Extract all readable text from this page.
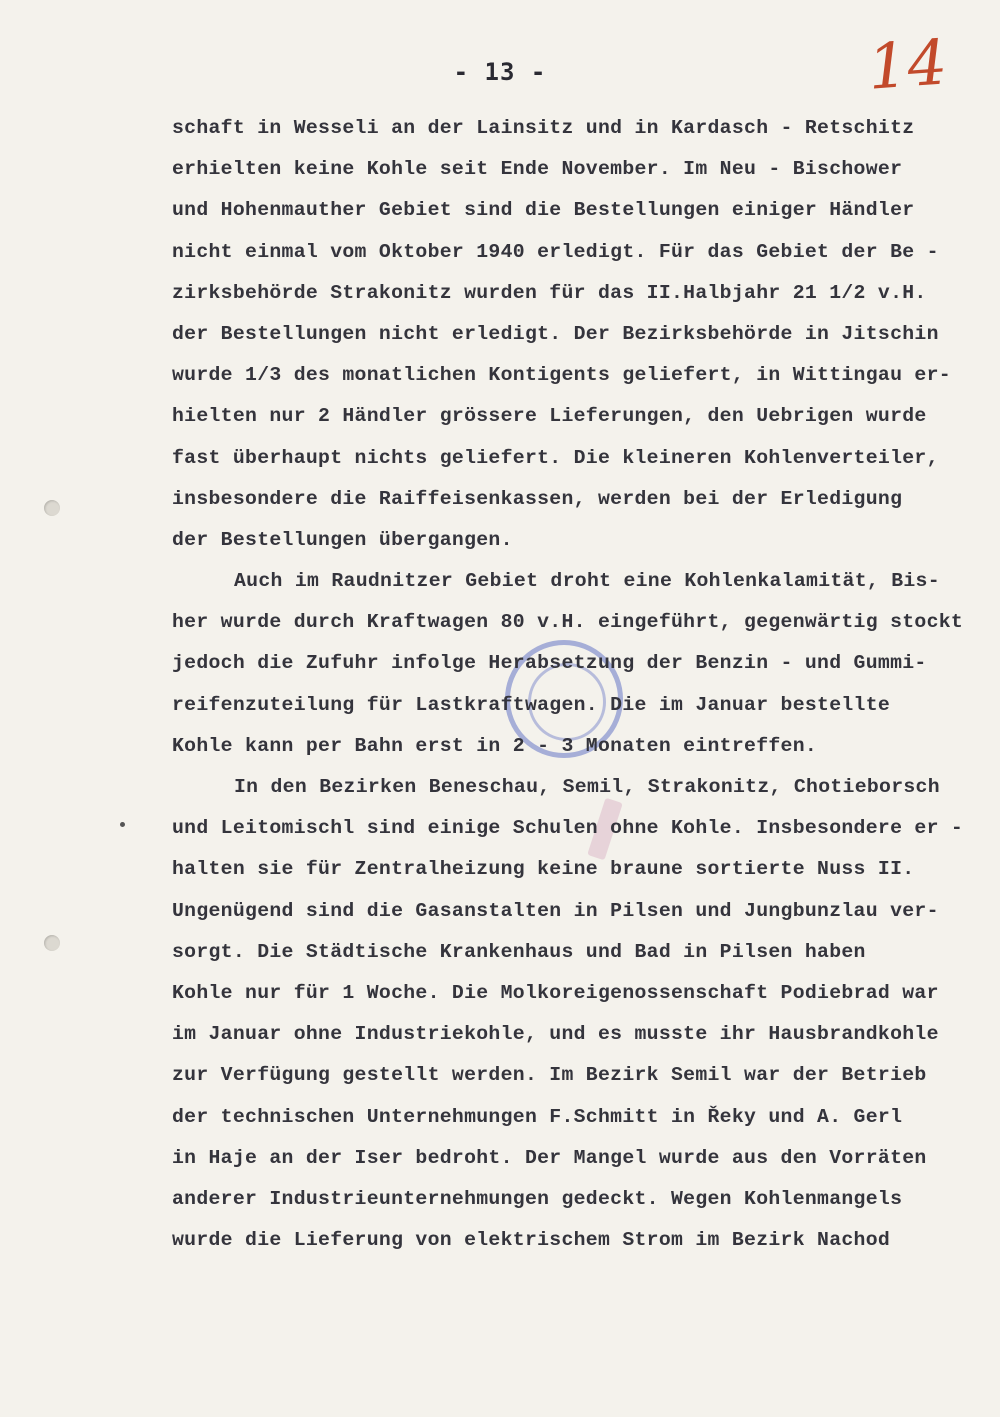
- 13 -	14
schaft in Wesseli an der Lainsitz und in Kardasch - Retschitz
erhielten keine Kohle seit Ende November. Im Neu - Bischower
und Hohenmauther Gebiet sind die Bestellungen einiger Händler
nicht einmal vom Oktober 1940 erledigt. Für das Gebiet der Be -
zirksbehörde Strakonitz wurden für das II.Halbjahr 21 1/2 v.H.
der Bestellungen nicht erledigt. Der Bezirksbehörde in Jitschin
wurde 1/3 des monatlichen Kontigents geliefert, in Wittingau er-
hielten nur 2 Händler grössere Lieferungen, den Uebrigen wurde
fast überhaupt nichts geliefert. Die kleineren Kohlenverteiler,
insbesondere die Raiffeisenkassen, werden bei der Erledigung
der Bestellungen übergangen.
Auch im Raudnitzer Gebiet droht eine Kohlenkalamität, Bis-
her wurde durch Kraftwagen 80 v.H. eingeführt, gegenwärtig stockt
jedoch die Zufuhr infolge Herabsetzung der Benzin - und Gummi-
reifenzuteilung für Lastkraftwagen. Die im Januar bestellte
Kohle kann per Bahn erst in 2 - 3 Monaten eintreffen.
In den Bezirken Beneschau, Semil, Strakonitz, Chotieborsch
und Leitomischl sind einige Schulen ohne Kohle. Insbesondere er -
halten sie für Zentralheizung keine braune sortierte Nuss II.
Ungenügend sind die Gasanstalten in Pilsen und Jungbunzlau ver-
sorgt. Die Städtische Krankenhaus und Bad in Pilsen haben
Kohle nur für 1 Woche. Die Molkoreigenossenschaft Podiebrad war
im Januar ohne Industriekohle, und es musste ihr Hausbrandkohle
zur Verfügung gestellt werden. Im Bezirk Semil war der Betrieb
der technischen Unternehmungen F.Schmitt in Řeky und A. Gerl
in Haje an der Iser bedroht. Der Mangel wurde aus den Vorräten
anderer Industrieunternehmungen gedeckt. Wegen Kohlenmangels
wurde die Lieferung von elektrischem Strom im Bezirk Nachod
